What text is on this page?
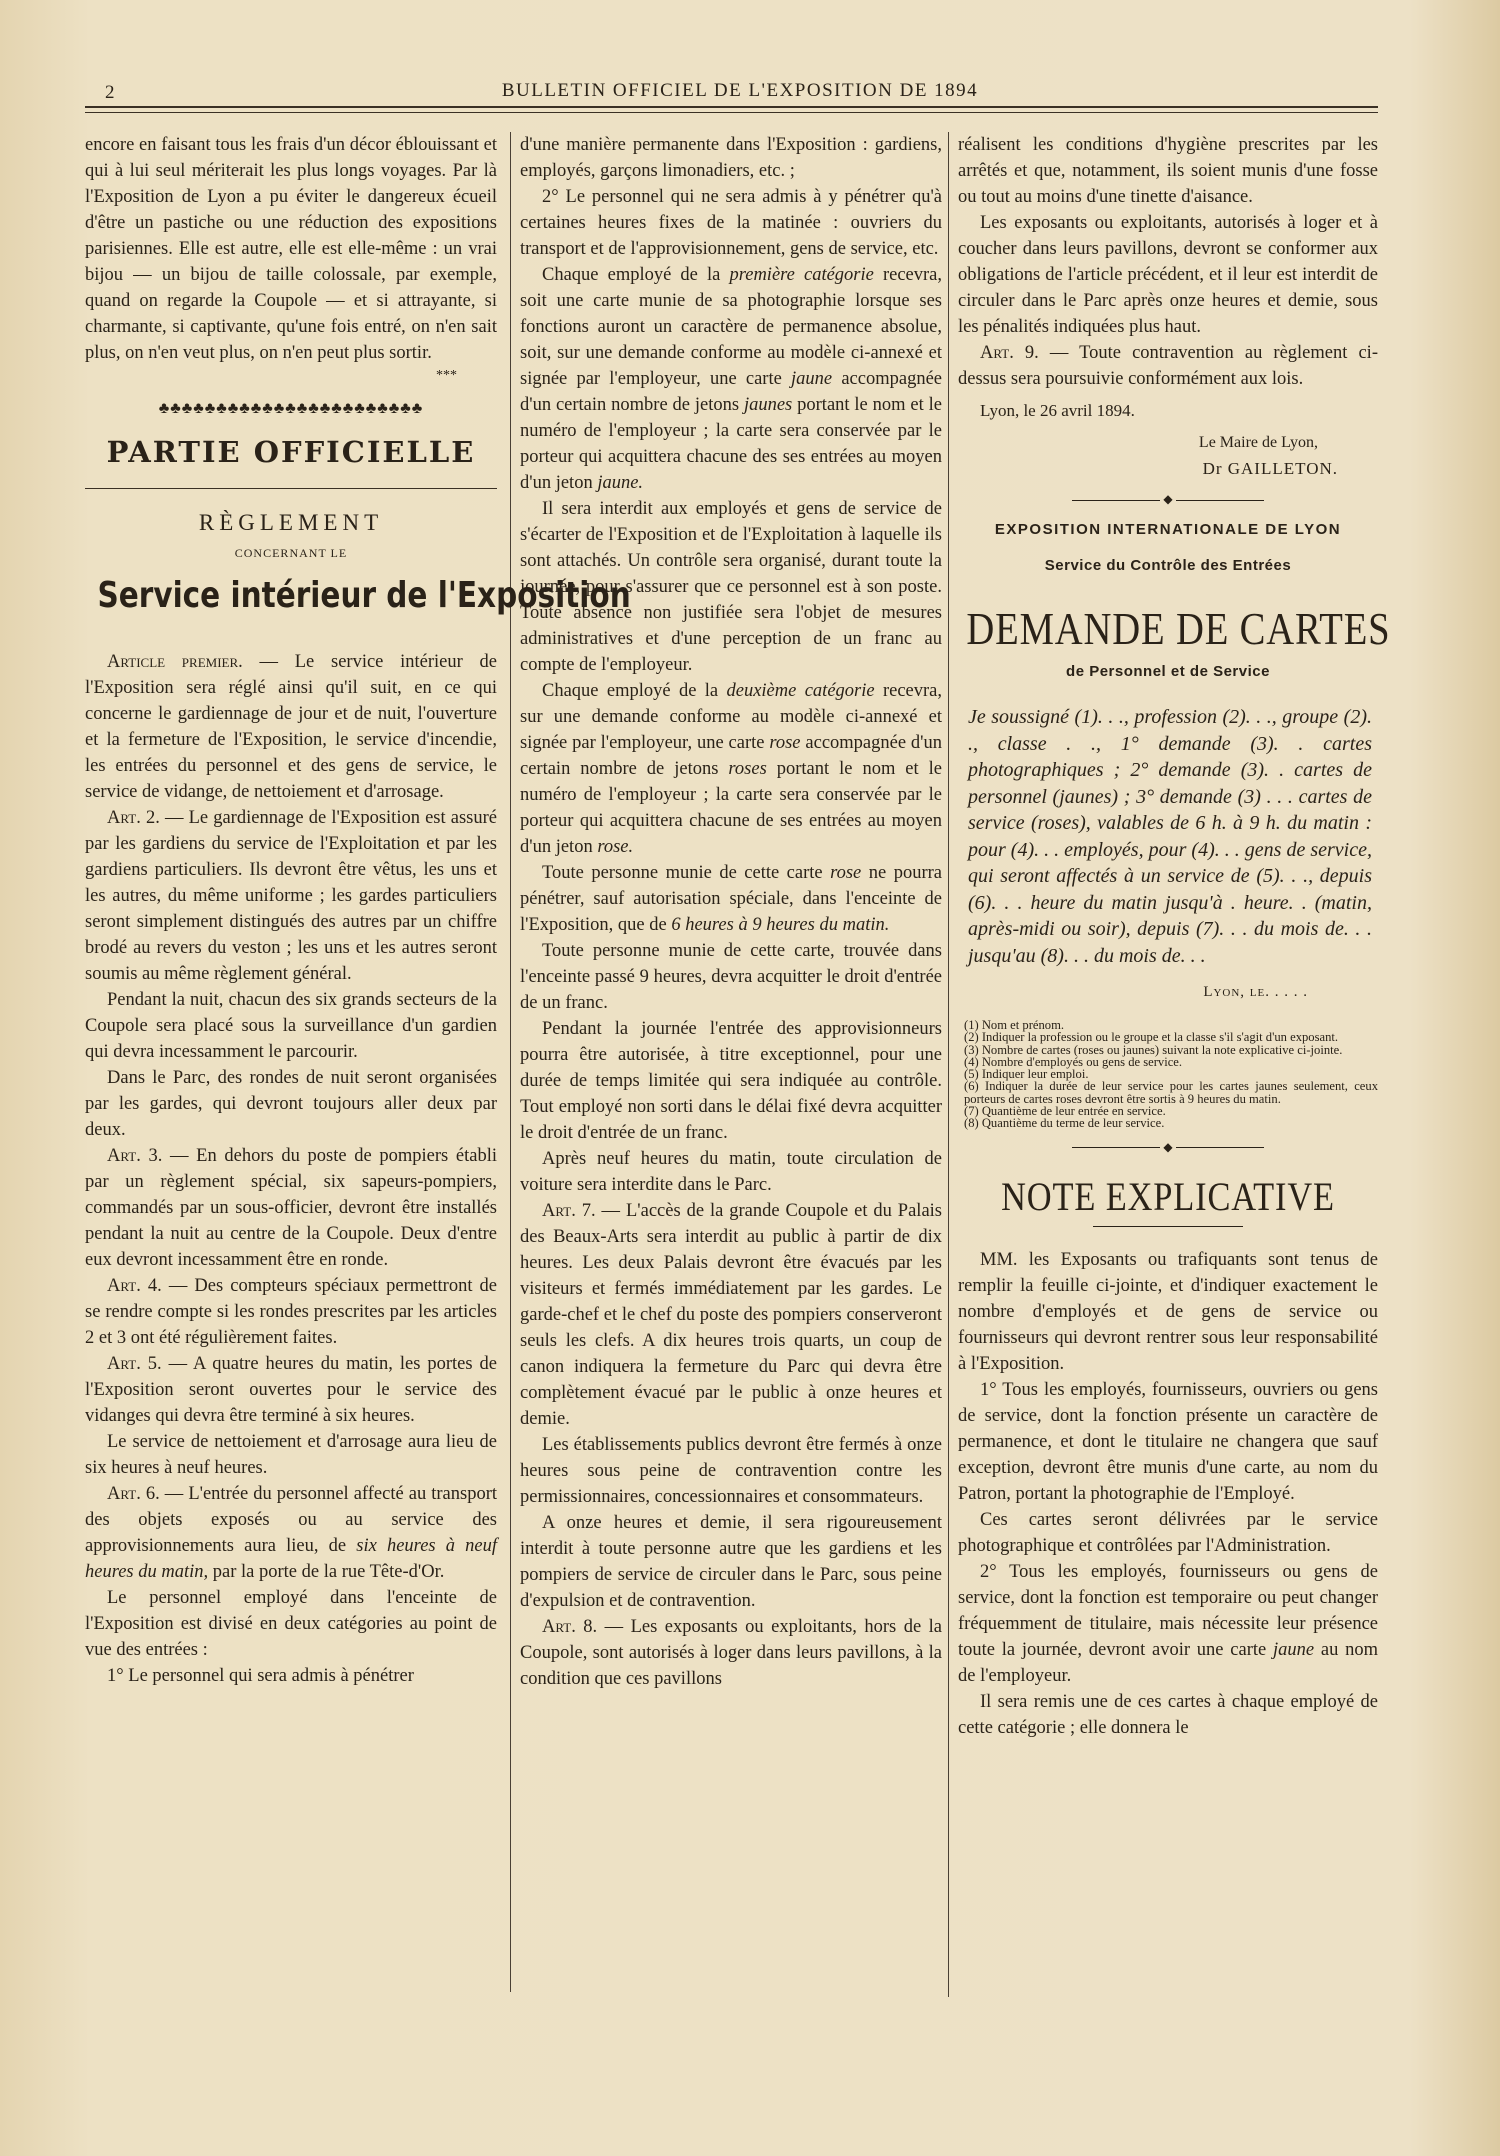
2	BULLETIN OFFICIEL DE L'EXPOSITION DE 1894

encore en faisant tous les frais d'un décor éblouissant et qui à lui seul mériterait les plus longs voyages. Par là l'Exposition de Lyon a pu éviter le dangereux écueil d'être un pastiche ou une réduction des expositions parisiennes. Elle est autre, elle est elle-même : un vrai bijou — un bijou de taille colossale, par exemple, quand on regarde la Coupole — et si attrayante, si charmante, si captivante, qu'une fois entré, on n'en sait plus, on n'en veut plus, on n'en peut plus sortir.

***
♣♣♣♣♣♣♣♣♣♣♣♣♣♣♣♣♣♣♣♣♣♣♣
PARTIE OFFICIELLE
RÈGLEMENT
CONCERNANT LE
Service intérieur de l'Exposition

Article premier. — Le service intérieur de l'Exposition sera réglé ainsi qu'il suit, en ce qui concerne le gardiennage de jour et de nuit, l'ouverture et la fermeture de l'Exposition, le service d'incendie, les entrées du personnel et des gens de service, le service de vidange, de nettoiement et d'arrosage.

Art. 2. — Le gardiennage de l'Exposition est assuré par les gardiens du service de l'Exploitation et par les gardiens particuliers. Ils devront être vêtus, les uns et les autres, du même uniforme ; les gardes particuliers seront simplement distingués des autres par un chiffre brodé au revers du veston ; les uns et les autres seront soumis au même règlement général.

Pendant la nuit, chacun des six grands secteurs de la Coupole sera placé sous la surveillance d'un gardien qui devra incessamment le parcourir.

Dans le Parc, des rondes de nuit seront organisées par les gardes, qui devront toujours aller deux par deux.

Art. 3. — En dehors du poste de pompiers établi par un règlement spécial, six sapeurs-pompiers, commandés par un sous-officier, devront être installés pendant la nuit au centre de la Coupole. Deux d'entre eux devront incessamment être en ronde.

Art. 4. — Des compteurs spéciaux permettront de se rendre compte si les rondes prescrites par les articles 2 et 3 ont été régulièrement faites.

Art. 5. — A quatre heures du matin, les portes de l'Exposition seront ouvertes pour le service des vidanges qui devra être terminé à six heures.

Le service de nettoiement et d'arrosage aura lieu de six heures à neuf heures.

Art. 6. — L'entrée du personnel affecté au transport des objets exposés ou au service des approvisionnements aura lieu, de six heures à neuf heures du matin, par la porte de la rue Tête-d'Or.

Le personnel employé dans l'enceinte de l'Exposition est divisé en deux catégories au point de vue des entrées :

1° Le personnel qui sera admis à pénétrer

d'une manière permanente dans l'Exposition : gardiens, employés, garçons limonadiers, etc. ;

2° Le personnel qui ne sera admis à y pénétrer qu'à certaines heures fixes de la matinée : ouvriers du transport et de l'approvisionnement, gens de service, etc.

Chaque employé de la première catégorie recevra, soit une carte munie de sa photographie lorsque ses fonctions auront un caractère de permanence absolue, soit, sur une demande conforme au modèle ci-annexé et signée par l'employeur, une carte jaune accompagnée d'un certain nombre de jetons jaunes portant le nom et le numéro de l'employeur ; la carte sera conservée par le porteur qui acquittera chacune des ses entrées au moyen d'un jeton jaune.

Il sera interdit aux employés et gens de service de s'écarter de l'Exposition et de l'Exploitation à laquelle ils sont attachés. Un contrôle sera organisé, durant toute la journée, pour s'assurer que ce personnel est à son poste. Toute absence non justifiée sera l'objet de mesures administratives et d'une perception de un franc au compte de l'employeur.

Chaque employé de la deuxième catégorie recevra, sur une demande conforme au modèle ci-annexé et signée par l'employeur, une carte rose accompagnée d'un certain nombre de jetons roses portant le nom et le numéro de l'employeur ; la carte sera conservée par le porteur qui acquittera chacune de ses entrées au moyen d'un jeton rose.

Toute personne munie de cette carte rose ne pourra pénétrer, sauf autorisation spéciale, dans l'enceinte de l'Exposition, que de 6 heures à 9 heures du matin.

Toute personne munie de cette carte, trouvée dans l'enceinte passé 9 heures, devra acquitter le droit d'entrée de un franc.

Pendant la journée l'entrée des approvisionneurs pourra être autorisée, à titre exceptionnel, pour une durée de temps limitée qui sera indiquée au contrôle. Tout employé non sorti dans le délai fixé devra acquitter le droit d'entrée de un franc.

Après neuf heures du matin, toute circulation de voiture sera interdite dans le Parc.

Art. 7. — L'accès de la grande Coupole et du Palais des Beaux-Arts sera interdit au public à partir de dix heures. Les deux Palais devront être évacués par les visiteurs et fermés immédiatement par les gardes. Le garde-chef et le chef du poste des pompiers conserveront seuls les clefs. A dix heures trois quarts, un coup de canon indiquera la fermeture du Parc qui devra être complètement évacué par le public à onze heures et demie.

Les établissements publics devront être fermés à onze heures sous peine de contravention contre les permissionnaires, concessionnaires et consommateurs.

A onze heures et demie, il sera rigoureusement interdit à toute personne autre que les gardiens et les pompiers de service de circuler dans le Parc, sous peine d'expulsion et de contravention.

Art. 8. — Les exposants ou exploitants, hors de la Coupole, sont autorisés à loger dans leurs pavillons, à la condition que ces pavillons

réalisent les conditions d'hygiène prescrites par les arrêtés et que, notamment, ils soient munis d'une fosse ou tout au moins d'une tinette d'aisance.

Les exposants ou exploitants, autorisés à loger et à coucher dans leurs pavillons, devront se conformer aux obligations de l'article précédent, et il leur est interdit de circuler dans le Parc après onze heures et demie, sous les pénalités indiquées plus haut.

Art. 9. — Toute contravention au règlement ci-dessus sera poursuivie conformément aux lois.

Lyon, le 26 avril 1894.
Le Maire de Lyon,
Dr GAILLETON.
◆
EXPOSITION INTERNATIONALE DE LYON
Service du Contrôle des Entrées
DEMANDE DE CARTES
de Personnel et de Service
Je soussigné (1). . ., profession (2). . ., groupe (2). ., classe . ., 1° demande (3). . cartes photographiques ; 2° demande (3). . cartes de personnel (jaunes) ; 3° demande (3) . . . cartes de service (roses), valables de 6 h. à 9 h. du matin : pour (4). . . employés, pour (4). . . gens de service, qui seront affectés à un service de (5). . ., depuis (6). . . heure du matin jusqu'à . heure. . (matin, après-midi ou soir), depuis (7). . . du mois de. . . jusqu'au (8). . . du mois de. . .
Lyon, le. . . . .
(1) Nom et prénom.
(2) Indiquer la profession ou le groupe et la classe s'il s'agit d'un exposant.
(3) Nombre de cartes (roses ou jaunes) suivant la note explicative ci-jointe.
(4) Nombre d'employés ou gens de service.
(5) Indiquer leur emploi.
(6) Indiquer la durée de leur service pour les cartes jaunes seulement, ceux porteurs de cartes roses devront être sortis à 9 heures du matin.
(7) Quantième de leur entrée en service.
(8) Quantième du terme de leur service.
◆
NOTE EXPLICATIVE

MM. les Exposants ou trafiquants sont tenus de remplir la feuille ci-jointe, et d'indiquer exactement le nombre d'employés et de gens de service ou fournisseurs qui devront rentrer sous leur responsabilité à l'Exposition.

1° Tous les employés, fournisseurs, ouvriers ou gens de service, dont la fonction présente un caractère de permanence, et dont le titulaire ne changera que sauf exception, devront être munis d'une carte, au nom du Patron, portant la photographie de l'Employé.

Ces cartes seront délivrées par le service photographique et contrôlées par l'Administration.

2° Tous les employés, fournisseurs ou gens de service, dont la fonction est temporaire ou peut changer fréquemment de titulaire, mais nécessite leur présence toute la journée, devront avoir une carte jaune au nom de l'employeur.

Il sera remis une de ces cartes à chaque employé de cette catégorie ; elle donnera le
